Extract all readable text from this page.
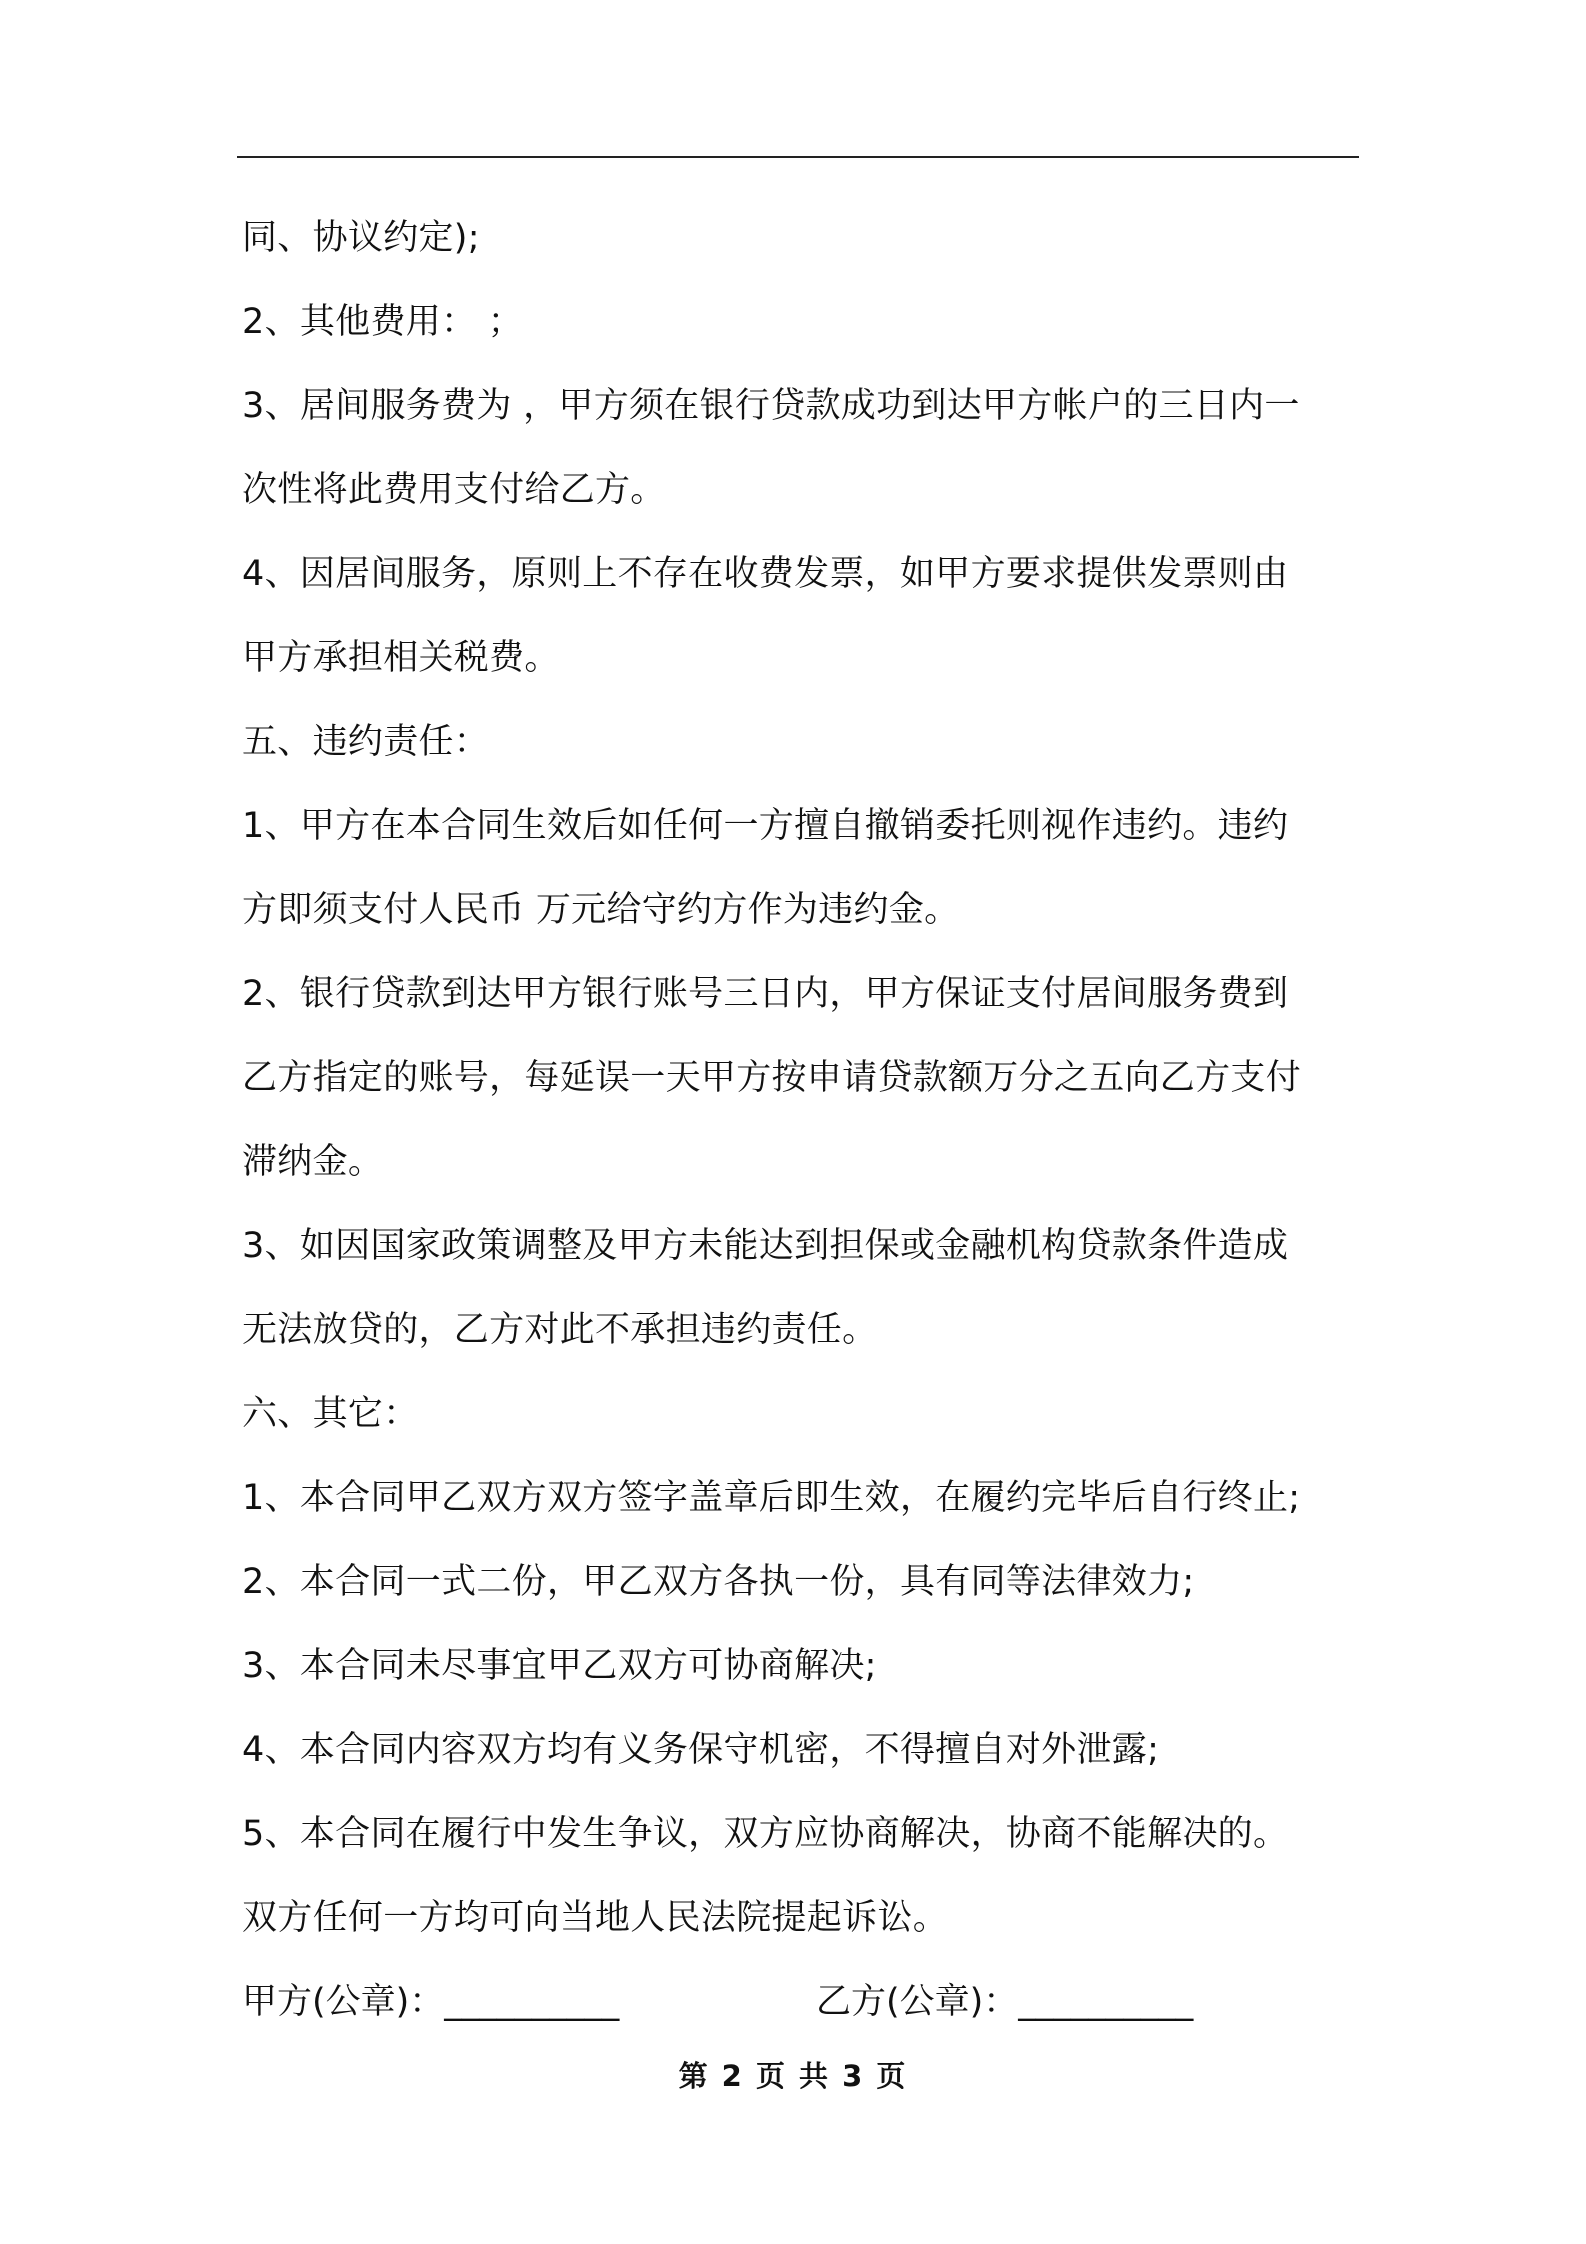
同、协议约定);
2、其他费用： ；
3、居间服务费为 ，甲方须在银行贷款成功到达甲方帐户的三日内一
次性将此费用支付给乙方。
4、因居间服务，原则上不存在收费发票，如甲方要求提供发票则由
甲方承担相关税费。
五、违约责任：
1、甲方在本合同生效后如任何一方擅自撤销委托则视作违约。违约
方即须支付人民币 万元给守约方作为违约金。
2、银行贷款到达甲方银行账号三日内，甲方保证支付居间服务费到
乙方指定的账号，每延误一天甲方按申请贷款额万分之五向乙方支付
滞纳金。
3、如因国家政策调整及甲方未能达到担保或金融机构贷款条件造成
无法放贷的，乙方对此不承担违约责任。
六、其它：
1、本合同甲乙双方双方签字盖章后即生效，在履约完毕后自行终止;
2、本合同一式二份，甲乙双方各执一份，具有同等法律效力;
3、本合同未尽事宜甲乙双方可协商解决;
4、本合同内容双方均有义务保守机密，不得擅自对外泄露;
5、本合同在履行中发生争议，双方应协商解决，协商不能解决的。
双方任何一方均可向当地人民法院提起诉讼。
甲方(公章)：__________	乙方(公章)：__________
第 2 页 共 3 页
